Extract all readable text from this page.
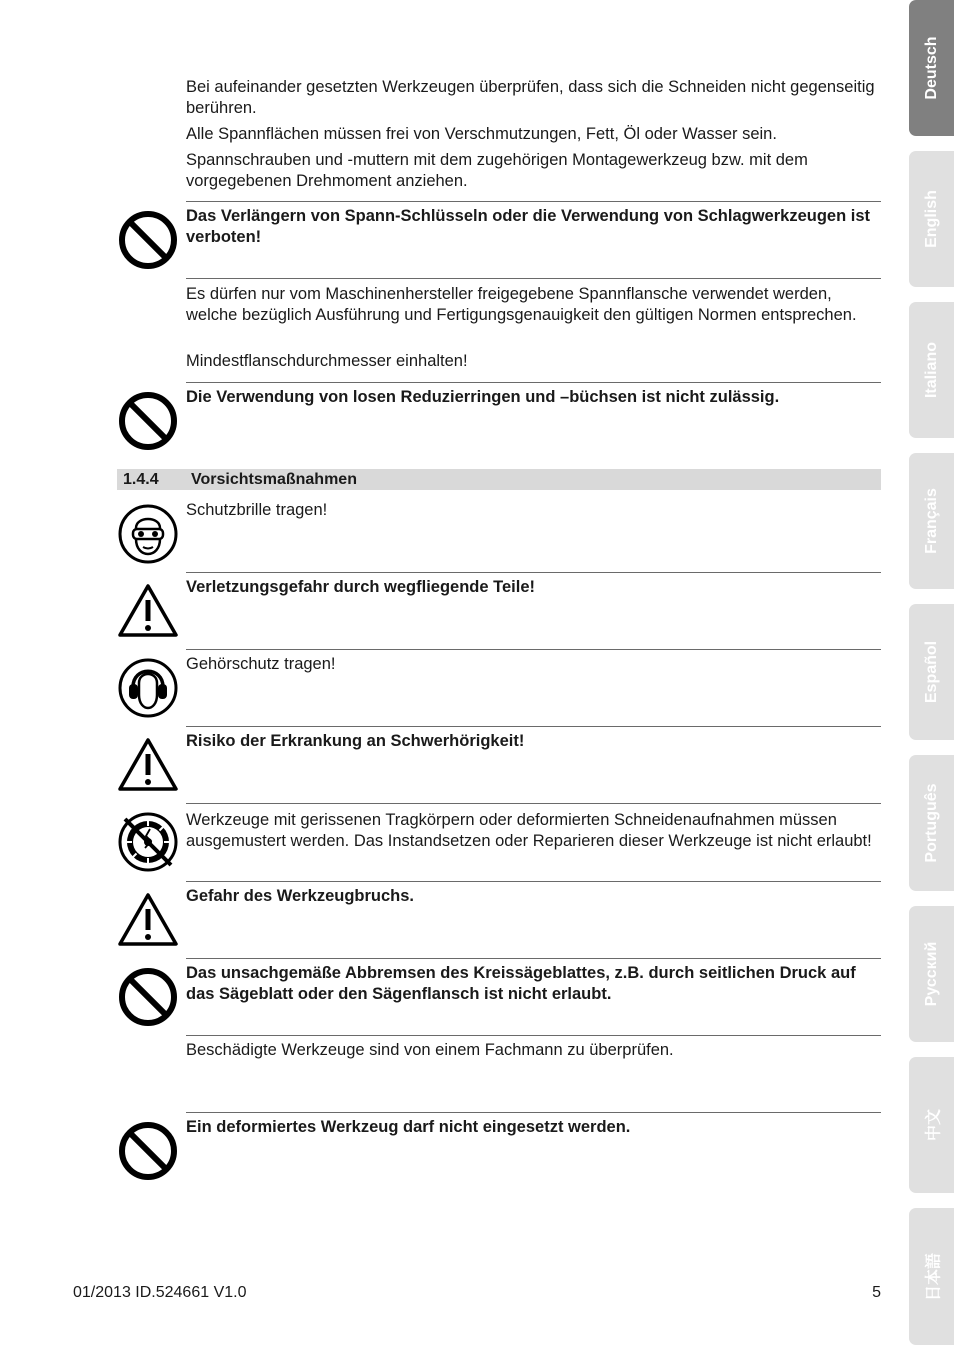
Bei aufeinander gesetzten Werkzeugen überprüfen, dass sich die Schneiden nicht gegenseitig berühren.

Alle Spannflächen müssen frei von Verschmutzungen, Fett, Öl oder Wasser sein.

Spannschrauben und -muttern mit dem zugehörigen Montagewerkzeug bzw. mit dem vorgegebenen Drehmoment anziehen.

Das Verlängern von Spann-Schlüsseln oder die Verwendung von Schlagwerkzeugen ist verboten!

Es dürfen nur vom Maschinenhersteller freigegebene Spannflansche verwendet werden, welche bezüglich Ausführung und Fertigungsgenauigkeit den gültigen Normen entsprechen.

Mindestflanschdurchmesser einhalten!

Die Verwendung von losen Reduzierringen und –büchsen ist nicht zulässig.

1.4.4 Vorsichtsmaßnahmen

Schutzbrille tragen!

Verletzungsgefahr durch wegfliegende Teile!

Gehörschutz tragen!

Risiko der Erkrankung an Schwerhörigkeit!

Werkzeuge mit gerissenen Tragkörpern oder deformierten Schneidenaufnahmen müssen ausgemustert werden. Das Instandsetzen oder Reparieren dieser Werkzeuge ist nicht erlaubt!

Gefahr des Werkzeugbruchs.

Das unsachgemäße Abbremsen des Kreissägeblattes, z.B. durch seitlichen Druck auf das Sägeblatt oder den Sägenflansch ist nicht erlaubt.

Beschädigte Werkzeuge sind von einem Fachmann zu überprüfen.

Ein deformiertes Werkzeug darf nicht eingesetzt werden.

01/2013 ID.524661 V1.0	5
Deutsch
English
Italiano
Français
Español
Português
Русский
中文
日本語
